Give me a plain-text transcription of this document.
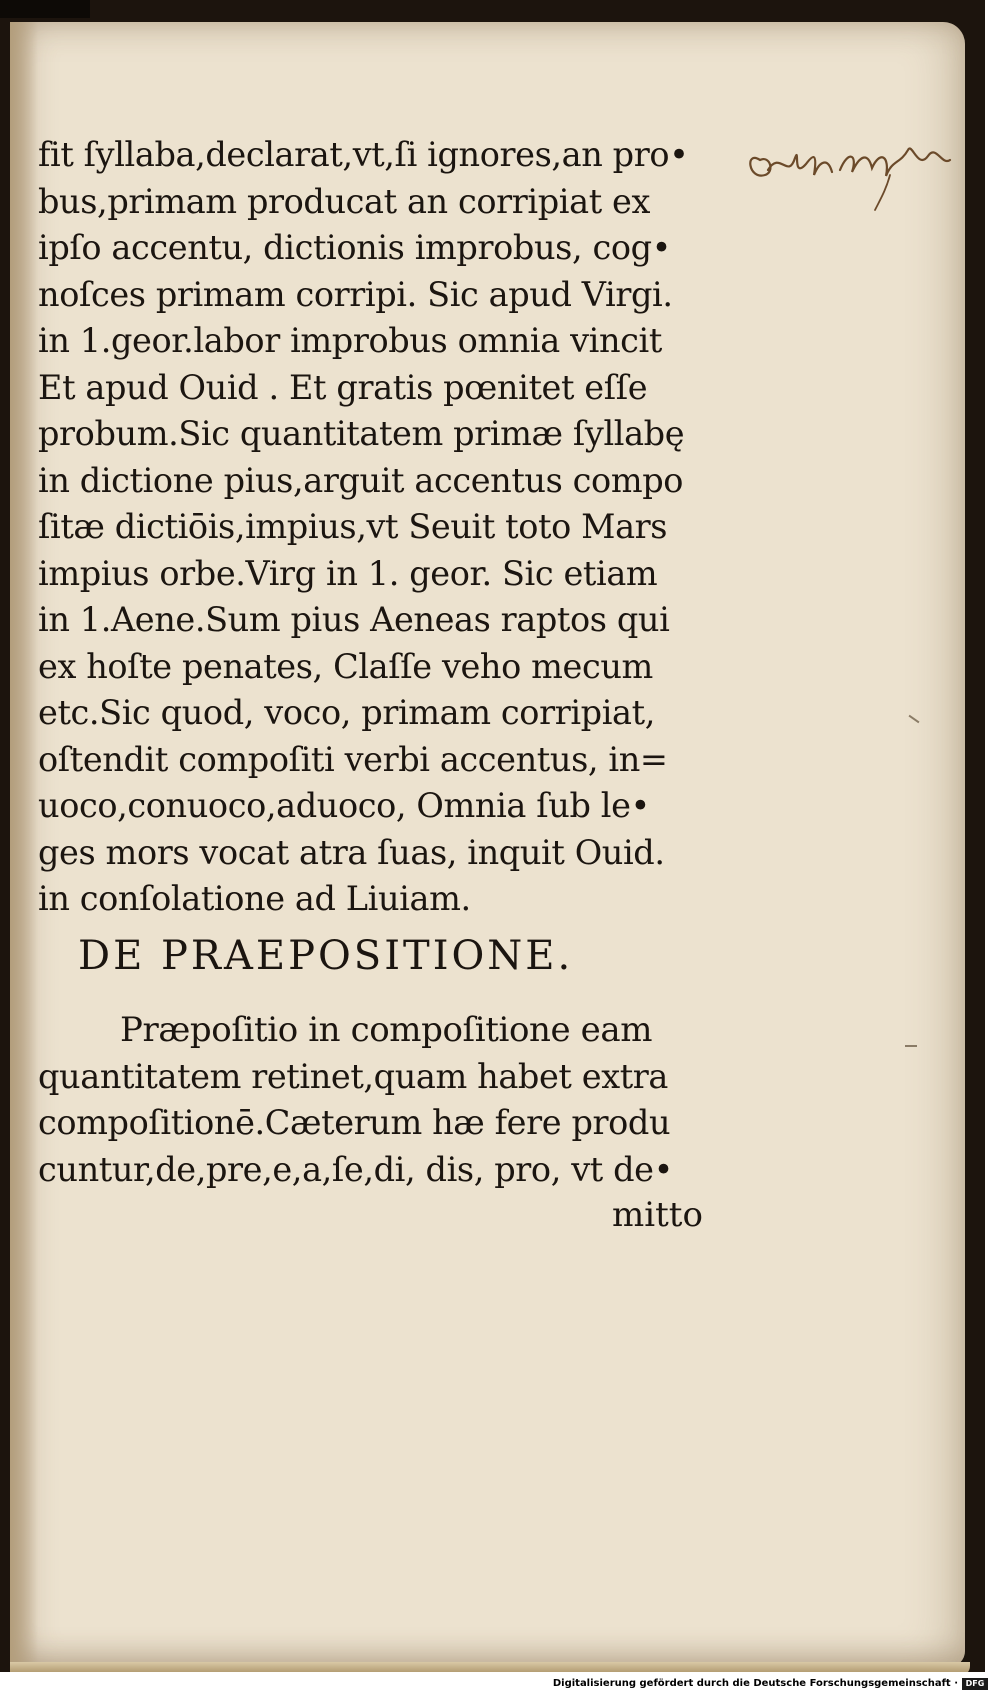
fit ſyllaba,declarat,vt,ſi ignores,an pro•
bus,primam producat an corripiat ex
ipſo accentu, dictionis improbus, cog•
noſces primam corripi. Sic apud Virgi.
in 1.geor.labor improbus omnia vincit
Et apud Ouid . Et gratis pœnitet eſſe
probum.Sic quantitatem primæ ſyllabę
in dictione pius,arguit accentus compo
ſitæ dictiōis,impius,vt Seuit toto Mars
impius orbe.Virg in 1. geor. Sic etiam
in 1.Aene.Sum pius Aeneas raptos qui
ex hoſte penates, Claſſe veho mecum
etc.Sic quod, voco, primam corripiat,
oſtendit compoſiti verbi accentus, in=
uoco,conuoco,aduoco, Omnia ſub le•
ges mors vocat atra ſuas, inquit Ouid.
in conſolatione ad Liuiam.
DE PRAEPOSITIONE.
Præpoſitio in compoſitione eam
quantitatem retinet,quam habet extra
compoſitionē.Cæterum hæ fere produ
cuntur,de,pre,e,a,ſe,di, dis, pro, vt de•
mitto
Digitalisierung gefördert durch die Deutsche Forschungsgemeinschaft · DFG
